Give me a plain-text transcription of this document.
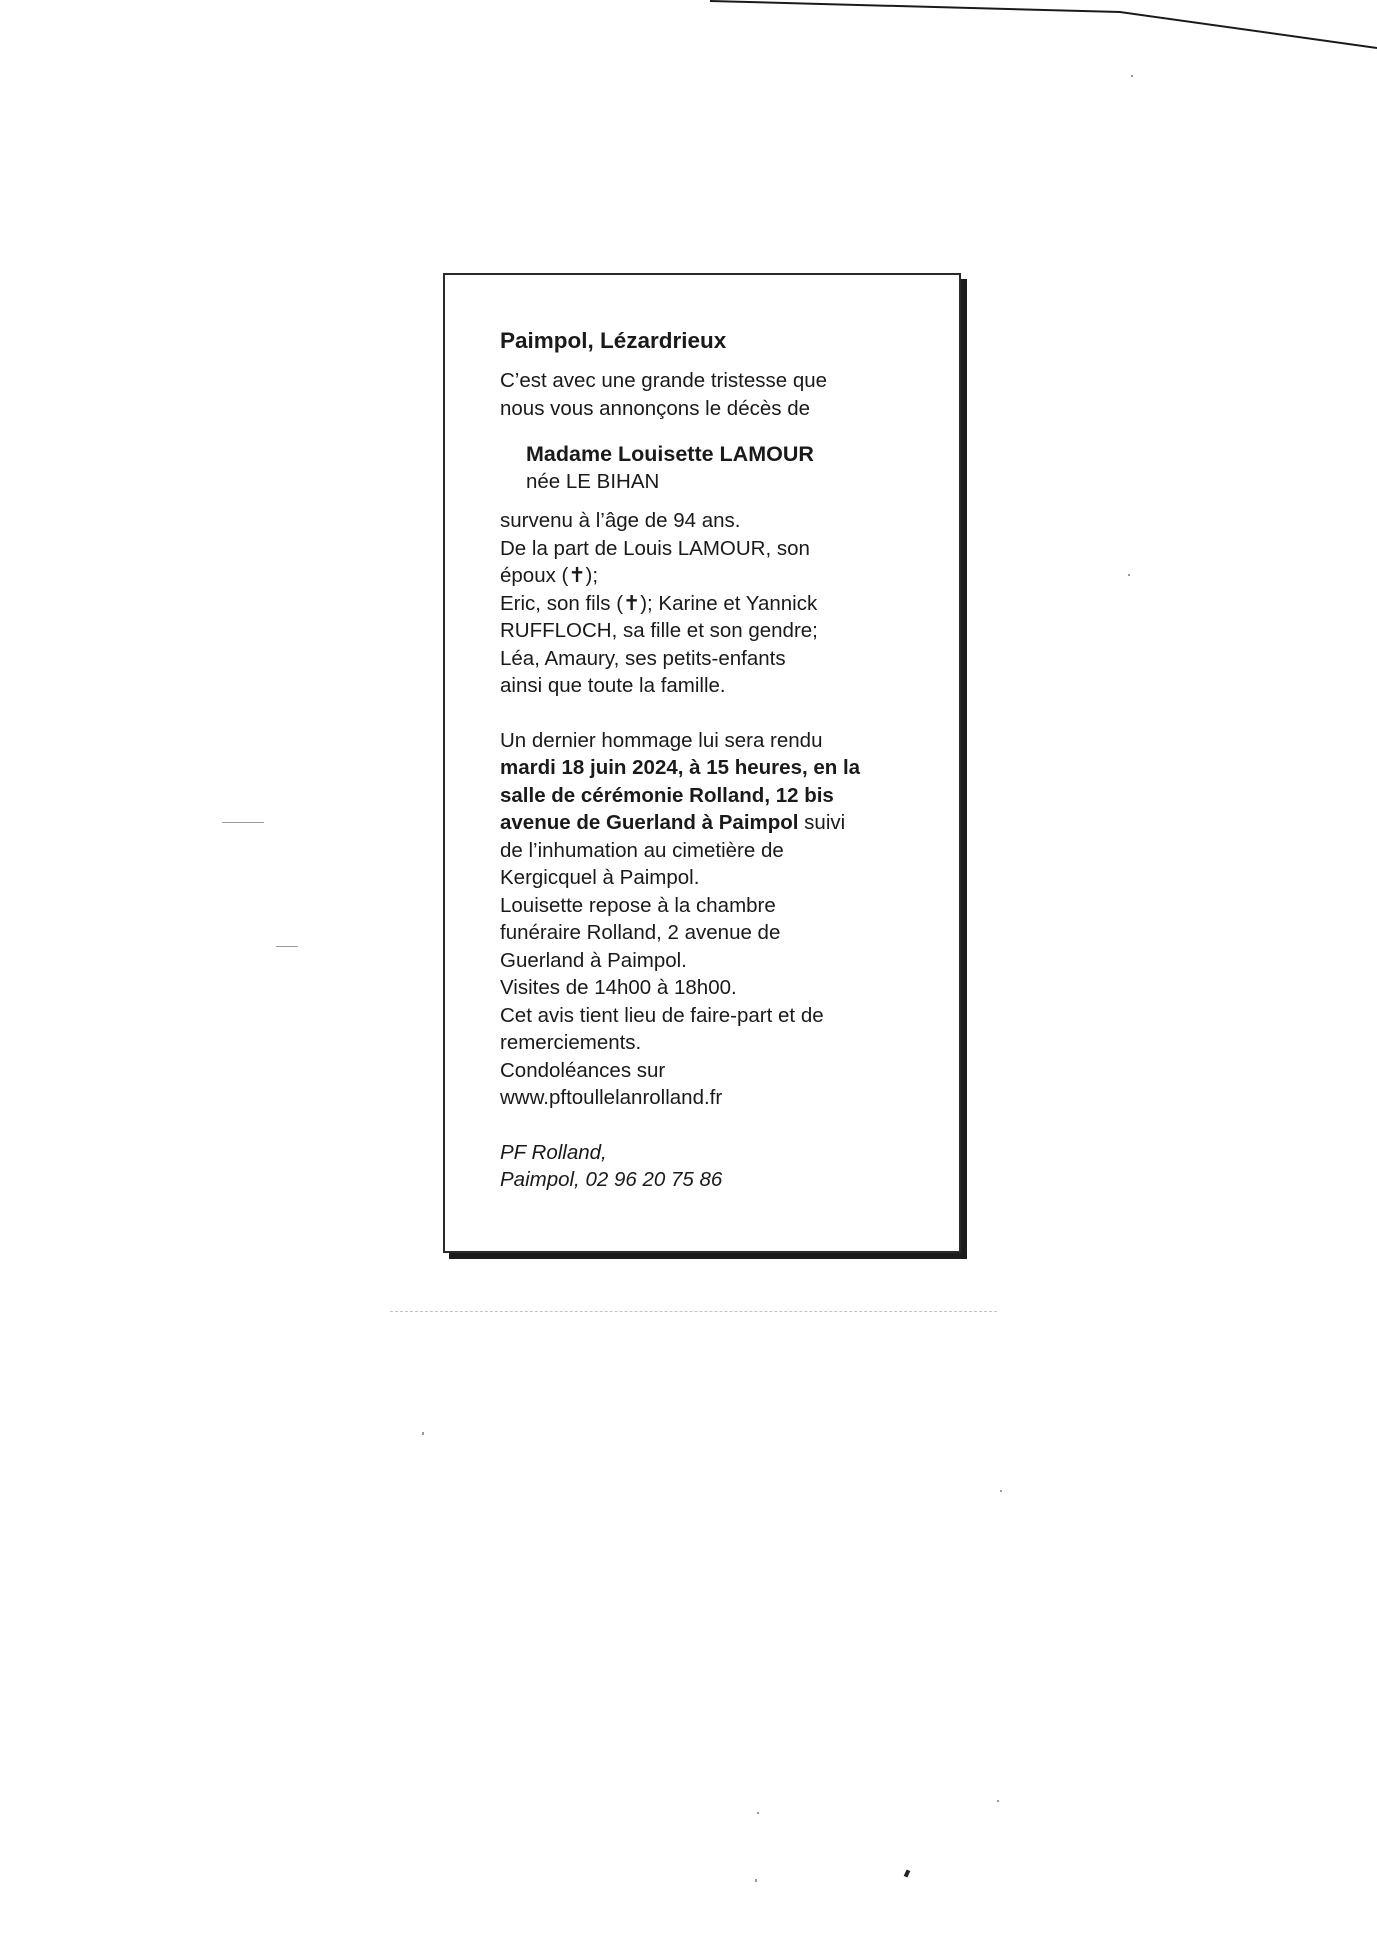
Paimpol, Lézardrieux
C’est avec une grande tristesse que
nous vous annonçons le décès de
Madame Louisette LAMOUR
née LE BIHAN
survenu à l’âge de 94 ans.
De la part de Louis LAMOUR, son
époux (✝);
Eric, son fils (✝); Karine et Yannick
RUFFLOCH, sa fille et son gendre;
Léa, Amaury, ses petits-enfants
ainsi que toute la famille.
Un dernier hommage lui sera rendu
mardi 18 juin 2024, à 15 heures, en la
salle de cérémonie Rolland, 12 bis
avenue de Guerland à Paimpol suivi
de l’inhumation au cimetière de
Kergicquel à Paimpol.
Louisette repose à la chambre
funéraire Rolland, 2 avenue de
Guerland à Paimpol.
Visites de 14h00 à 18h00.
Cet avis tient lieu de faire-part et de
remerciements.
Condoléances sur
www.pftoullelanrolland.fr
PF Rolland,
Paimpol, 02 96 20 75 86
